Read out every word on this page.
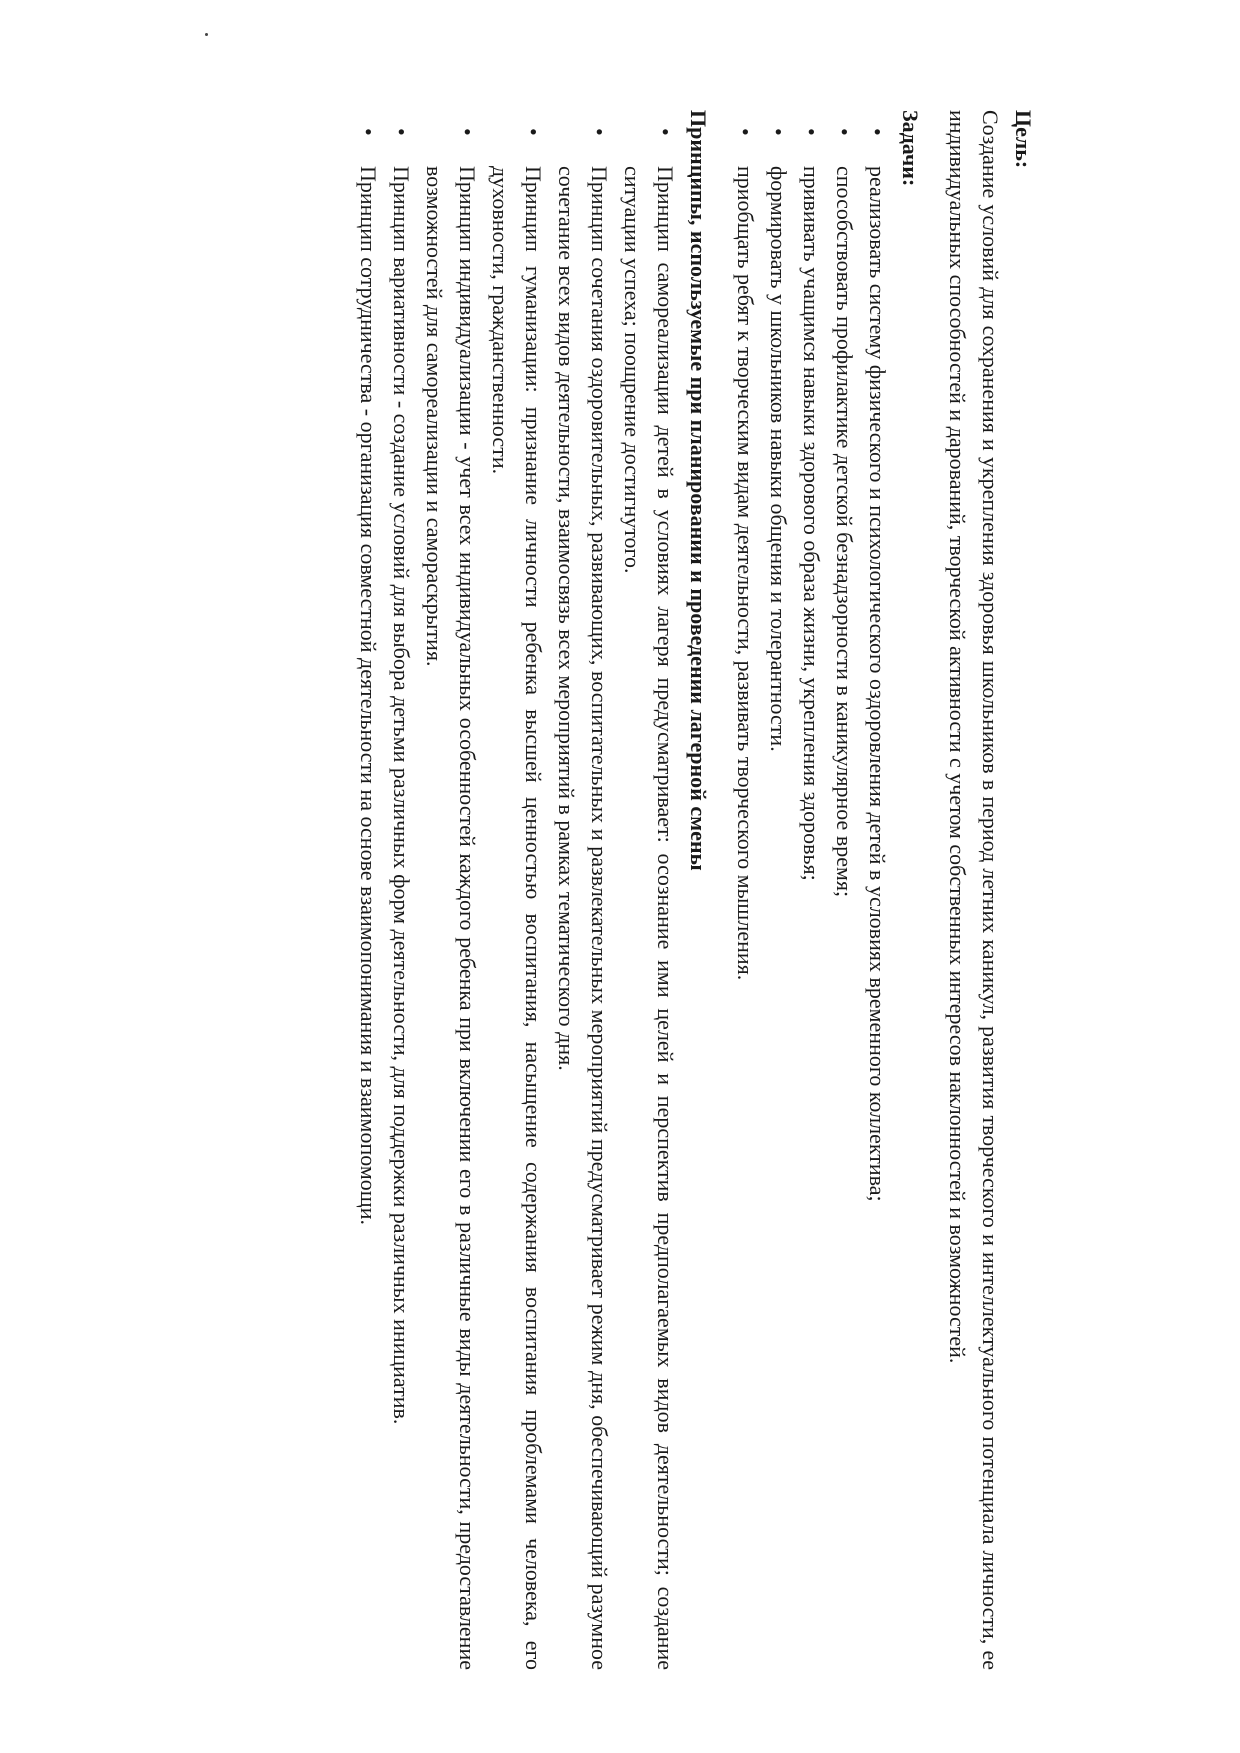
Цель:

Создание условий для сохранения и укрепления здоровья школьников в период летних каникул, развития творческого и интеллектуального потенциала личности, ее индивидуальных способностей и дарований, творческой активности с учетом собственных интересов наклонностей и возможностей.

Задачи:

•
реализовать систему физического и психологического оздоровления детей в условиях временного коллектива;
•
способствовать профилактике детской безнадзорности в каникулярное время;
•
прививать учащимся навыки здорового образа жизни, укрепления здоровья;
•
формировать у школьников навыки общения и толерантности.
•
приобщать ребят к творческим видам деятельности, развивать творческого мышления.

Принципы, используемые при планировании и проведении лагерной смены

•
Принцип самореализации детей в условиях лагеря предусматривает: осознание ими целей и перспектив предполагаемых видов деятельности; создание ситуации успеха; поощрение достигнутого.
•
Принцип сочетания оздоровительных, развивающих, воспитательных и развлекательных мероприятий предусматривает режим дня, обеспечивающий разумное сочетание всех видов деятельности, взаимосвязь всех мероприятий в рамках тематического дня.
•
Принцип гуманизации: признание личности ребенка высшей ценностью воспитания, насыщение содержания воспитания проблемами человека, его духовности, гражданственности.
•
Принцип индивидуализации - учет всех индивидуальных особенностей каждого ребенка при включении его в различные виды деятельности, предоставление возможностей для самореализации и самораскрытия.
•
Принцип вариативности - создание условий для выбора детьми различных форм деятельности, для поддержки различных инициатив.
•
Принцип сотрудничества - организация совместной деятельности на основе взаимопонимания и взаимопомощи.
